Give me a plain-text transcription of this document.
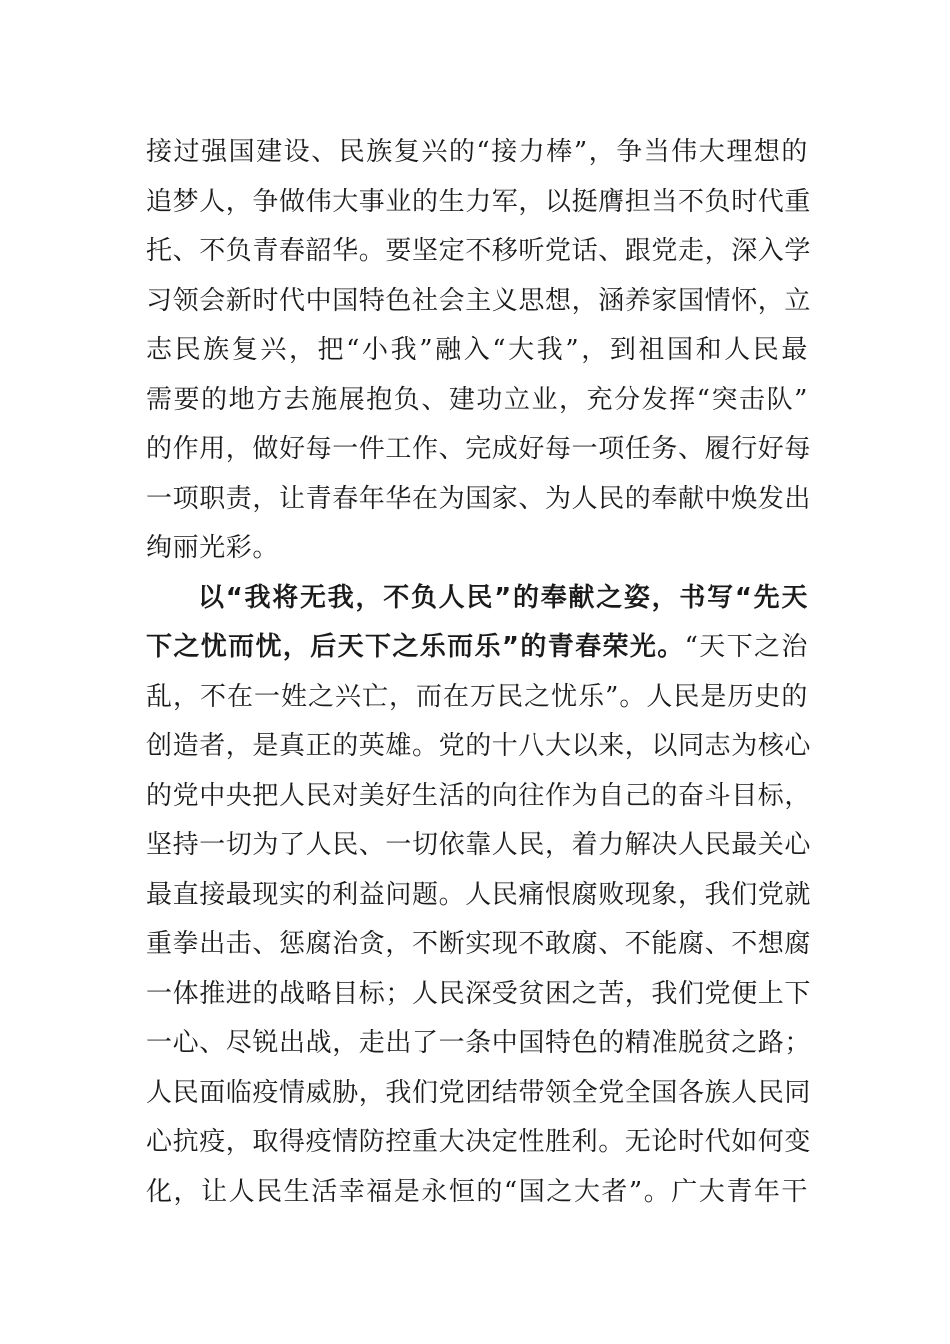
接过强国建设、民族复兴的“接力棒”，争当伟大理想的
追梦人，争做伟大事业的生力军，以挺膺担当不负时代重
托、不负青春韶华。要坚定不移听党话、跟党走，深入学
习领会新时代中国特色社会主义思想，涵养家国情怀，立
志民族复兴，把“小我”融入“大我”，到祖国和人民最
需要的地方去施展抱负、建功立业，充分发挥“突击队”
的作用，做好每一件工作、完成好每一项任务、履行好每
一项职责，让青春年华在为国家、为人民的奉献中焕发出
绚丽光彩。
以“我将无我，不负人民”的奉献之姿，书写“先天
下之忧而忧，后天下之乐而乐”的青春荣光。“天下之治
乱，不在一姓之兴亡，而在万民之忧乐”。人民是历史的
创造者，是真正的英雄。党的十八大以来，以同志为核心
的党中央把人民对美好生活的向往作为自己的奋斗目标，
坚持一切为了人民、一切依靠人民，着力解决人民最关心
最直接最现实的利益问题。人民痛恨腐败现象，我们党就
重拳出击、惩腐治贪，不断实现不敢腐、不能腐、不想腐
一体推进的战略目标；人民深受贫困之苦，我们党便上下
一心、尽锐出战，走出了一条中国特色的精准脱贫之路；
人民面临疫情威胁，我们党团结带领全党全国各族人民同
心抗疫，取得疫情防控重大决定性胜利。无论时代如何变
化，让人民生活幸福是永恒的“国之大者”。广大青年干
